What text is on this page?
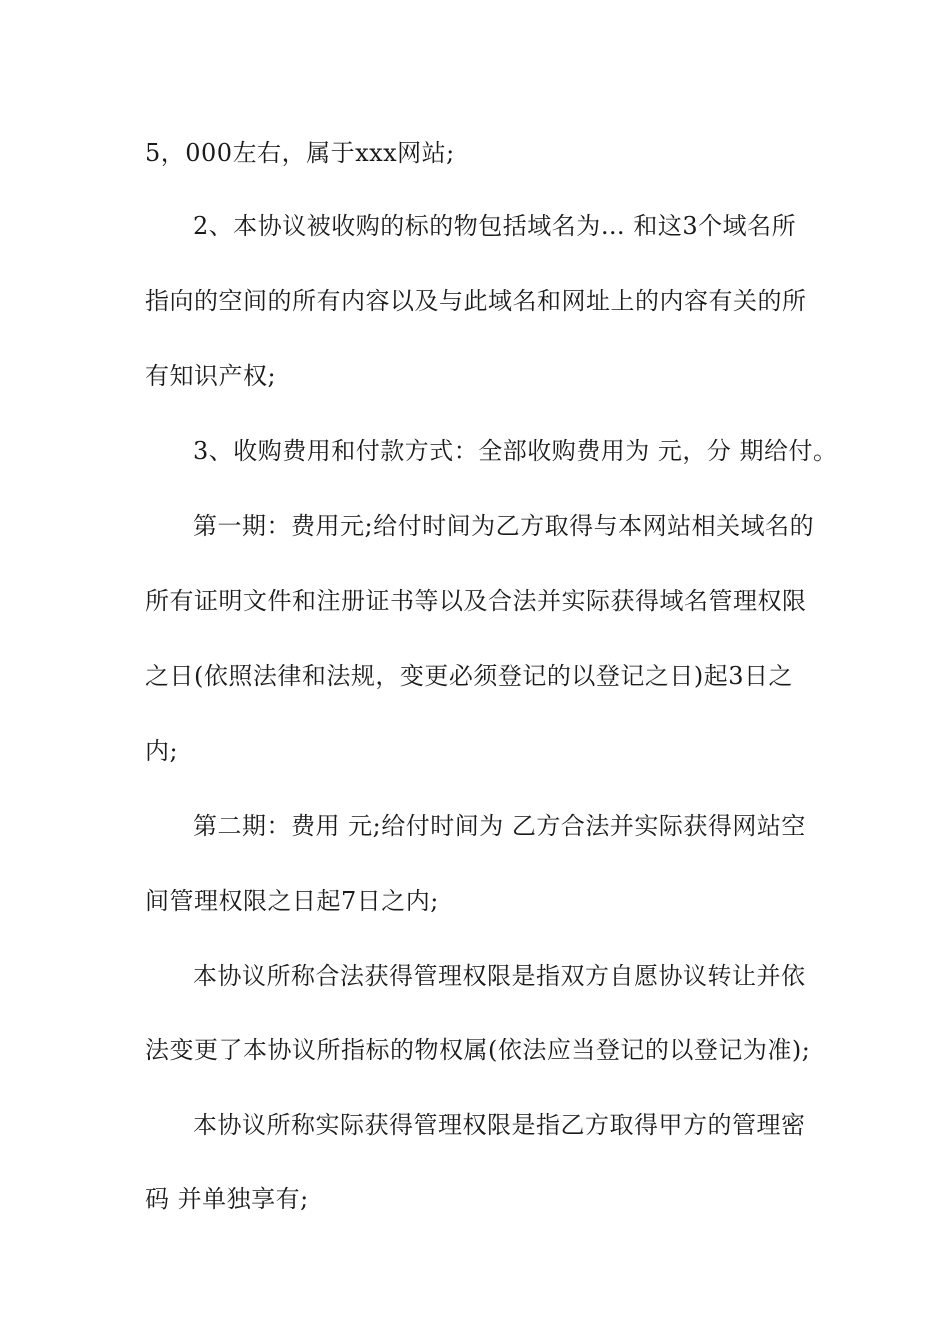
5，000左右，属于xxx网站;

2、本协议被收购的标的物包括域名为… 和这3个域名所

指向的空间的所有内容以及与此域名和网址上的内容有关的所

有知识产权;

3、收购费用和付款方式：全部收购费用为 元，分 期给付。

第一期：费用元;给付时间为乙方取得与本网站相关域名的

所有证明文件和注册证书等以及合法并实际获得域名管理权限

之日(依照法律和法规，变更必须登记的以登记之日)起3日之

内;

第二期：费用 元;给付时间为 乙方合法并实际获得网站空

间管理权限之日起7日之内;

本协议所称合法获得管理权限是指双方自愿协议转让并依

法变更了本协议所指标的物权属(依法应当登记的以登记为准);

本协议所称实际获得管理权限是指乙方取得甲方的管理密

码 并单独享有;
